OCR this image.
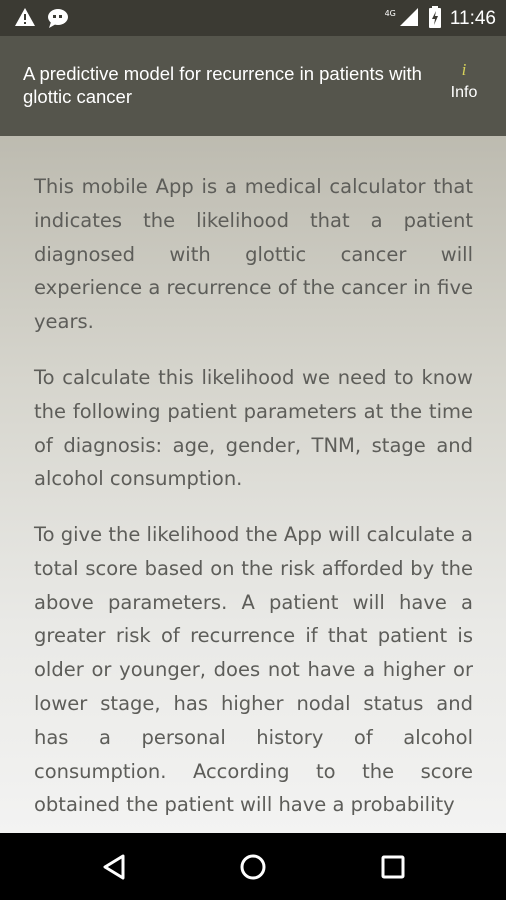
4G	11:46
A predictive model for recurrence in patients with glottic cancer
i
Info

This mobile App is a medical calculator that indicates the likelihood that a patient diagnosed with glottic cancer will experience a recurrence of the cancer in five years.

To calculate this likelihood we need to know the following patient parameters at the time of diagnosis: age, gender, TNM, stage and alcohol consumption.

To give the likelihood the App will calculate a total score based on the risk afforded by the above parameters. A patient will have a greater risk of recurrence if that patient is older or younger, does not have a higher or lower stage, has higher nodal status and has a personal history of alcohol consumption. According to the score obtained the patient will have a probability
